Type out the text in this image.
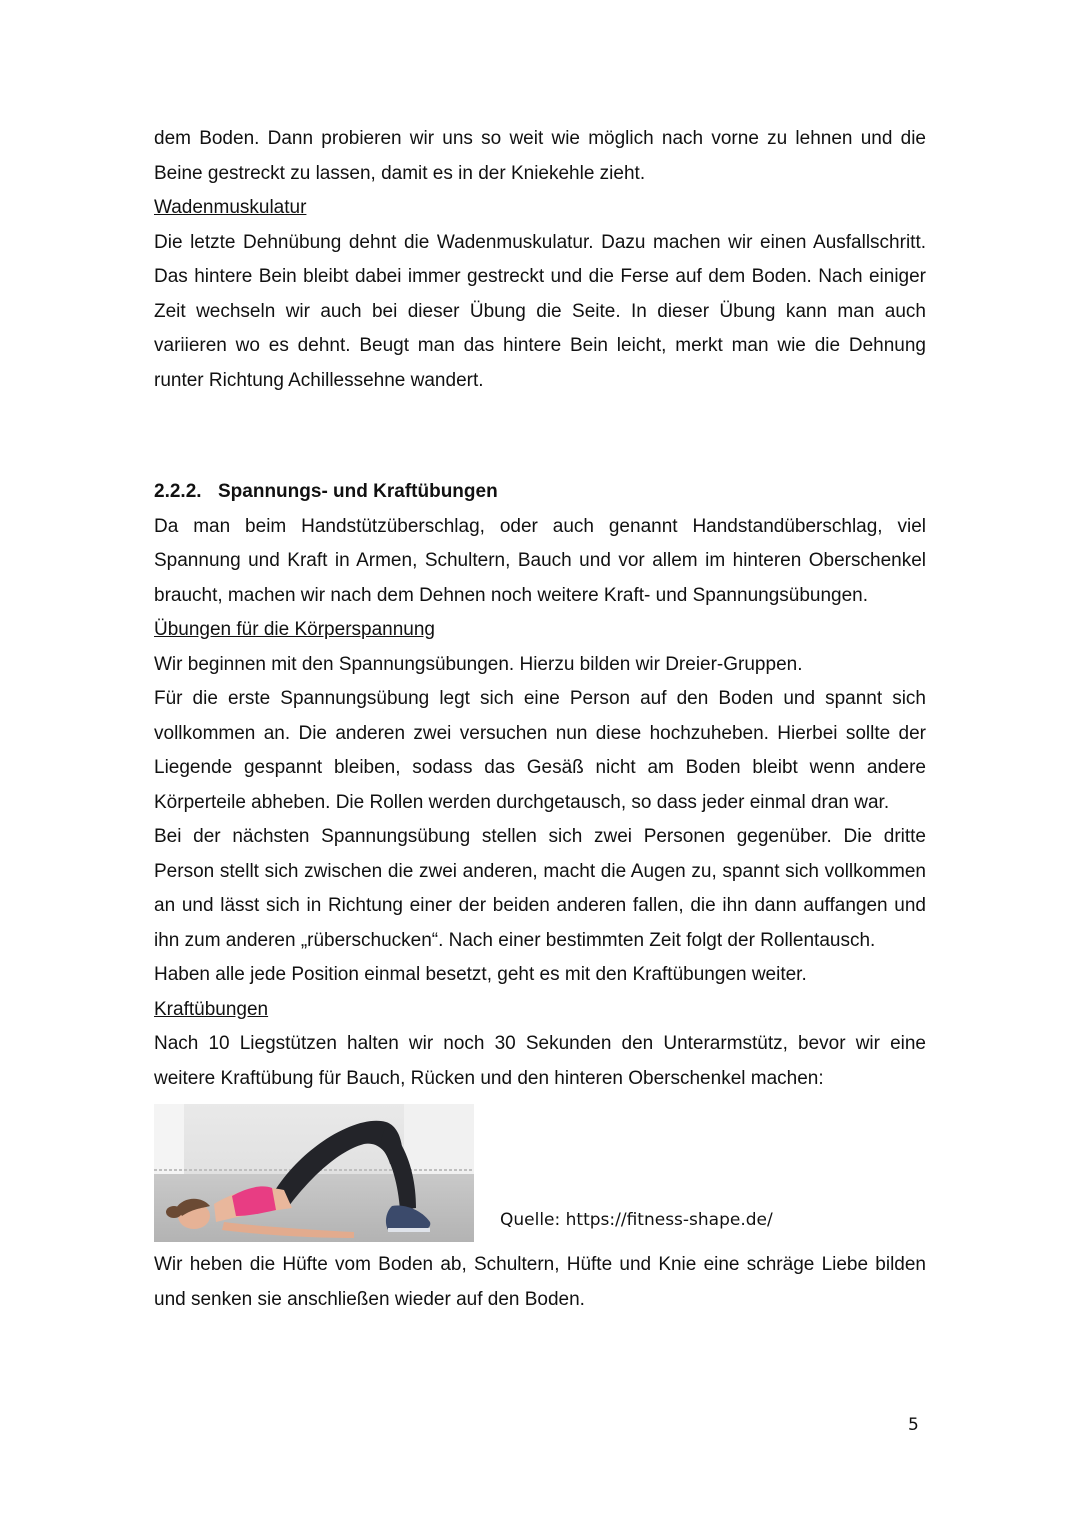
dem Boden. Dann probieren wir uns so weit wie möglich nach vorne zu lehnen und die

Beine gestreckt zu lassen, damit es in der Kniekehle zieht.

Wadenmuskulatur

Die letzte Dehnübung dehnt die Wadenmuskulatur. Dazu machen wir einen Ausfallschritt. Das hintere Bein bleibt dabei immer gestreckt und die Ferse auf dem Boden. Nach einiger Zeit wechseln wir auch bei dieser Übung die Seite. In dieser Übung kann man auch variieren wo es dehnt. Beugt man das hintere Bein leicht, merkt man wie die Dehnung runter Richtung Achillessehne wandert.

2.2.2. Spannungs- und Kraftübungen

Da man beim Handstützüberschlag, oder auch genannt Handstandüberschlag, viel Spannung und Kraft in Armen, Schultern, Bauch und vor allem im hinteren Oberschenkel braucht, machen wir nach dem Dehnen noch weitere Kraft- und Spannungsübungen.

Übungen für die Körperspannung

Wir beginnen mit den Spannungsübungen. Hierzu bilden wir Dreier-Gruppen.

Für die erste Spannungsübung legt sich eine Person auf den Boden und spannt sich vollkommen an. Die anderen zwei versuchen nun diese hochzuheben. Hierbei sollte der Liegende gespannt bleiben, sodass das Gesäß nicht am Boden bleibt wenn andere Körperteile abheben. Die Rollen werden durchgetausch, so dass jeder einmal dran war.

Bei der nächsten Spannungsübung stellen sich zwei Personen gegenüber. Die dritte Person stellt sich zwischen die zwei anderen, macht die Augen zu, spannt sich vollkommen an und lässt sich in Richtung einer der beiden anderen fallen, die ihn dann auffangen und ihn zum anderen „rüberschucken“. Nach einer bestimmten Zeit folgt der Rollentausch.

Haben alle jede Position einmal besetzt, geht es mit den Kraftübungen weiter.

Kraftübungen

Nach 10 Liegstützen halten wir noch 30 Sekunden den Unterarmstütz, bevor wir eine weitere Kraftübung für Bauch, Rücken und den hinteren Oberschenkel machen:

Quelle: https://fitness-shape.de/

Wir heben die Hüfte vom Boden ab, Schultern, Hüfte und Knie eine schräge Liebe bilden und senken sie anschließen wieder auf den Boden.

5
